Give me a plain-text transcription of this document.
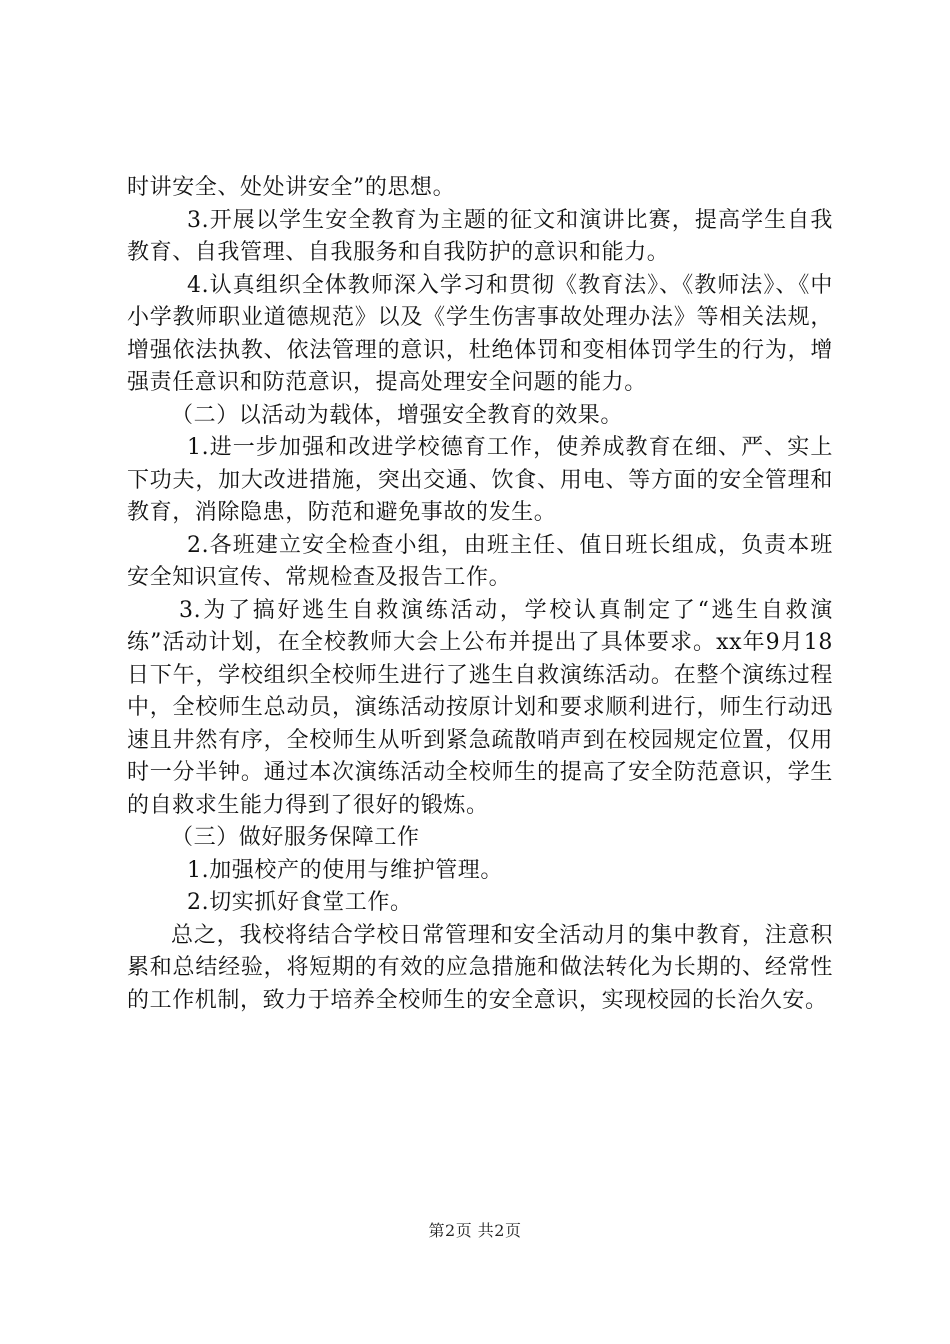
时讲安全、处处讲安全”的思想。

3.开展以学生安全教育为主题的征文和演讲比赛，提高学生自我教育、自我管理、自我服务和自我防护的意识和能力。

4.认真组织全体教师深入学习和贯彻《教育法》、《教师法》、《中小学教师职业道德规范》以及《学生伤害事故处理办法》等相关法规，增强依法执教、依法管理的意识，杜绝体罚和变相体罚学生的行为，增强责任意识和防范意识，提高处理安全问题的能力。

（二）以活动为载体，增强安全教育的效果。

1.进一步加强和改进学校德育工作，使养成教育在细、严、实上下功夫，加大改进措施，突出交通、饮食、用电、等方面的安全管理和教育，消除隐患，防范和避免事故的发生。

2.各班建立安全检查小组，由班主任、值日班长组成，负责本班安全知识宣传、常规检查及报告工作。

3.为了搞好逃生自救演练活动，学校认真制定了“逃生自救演练”活动计划，在全校教师大会上公布并提出了具体要求。xx年9月18日下午，学校组织全校师生进行了逃生自救演练活动。在整个演练过程中，全校师生总动员，演练活动按原计划和要求顺利进行，师生行动迅速且井然有序，全校师生从听到紧急疏散哨声到在校园规定位置，仅用时一分半钟。通过本次演练活动全校师生的提高了安全防范意识，学生的自救求生能力得到了很好的锻炼。

（三）做好服务保障工作

1.加强校产的使用与维护管理。

2.切实抓好食堂工作。

总之，我校将结合学校日常管理和安全活动月的集中教育，注意积累和总结经验，将短期的有效的应急措施和做法转化为长期的、经常性的工作机制，致力于培养全校师生的安全意识，实现校园的长治久安。

第2页 共2页
